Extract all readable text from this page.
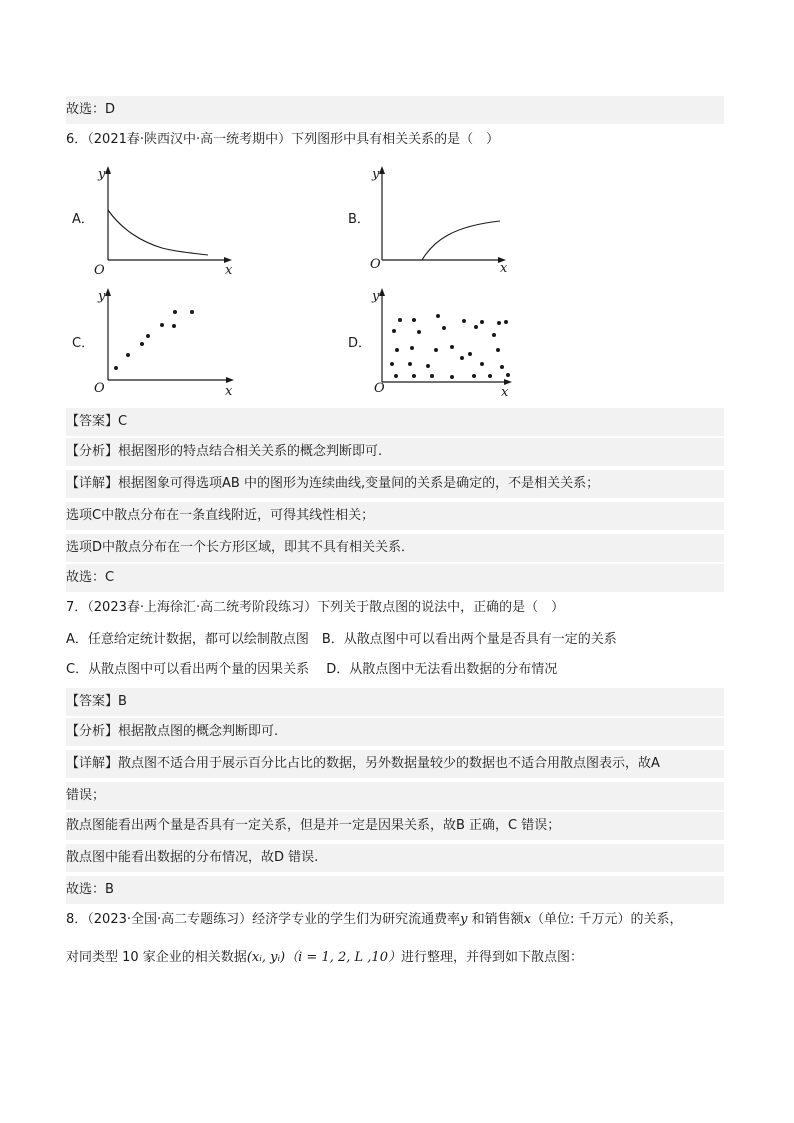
故选：D
6．（2021春·陕西汉中·高一统考期中）下列图形中具有相关关系的是（　）
A．
y
O	x
B．
y
O	x
C．
y
O	x
D．
y
O	x
【答案】C
【分析】根据图形的特点结合相关关系的概念判断即可.
【详解】根据图象可得选项AB 中的图形为连续曲线,变量间的关系是确定的，不是相关关系；
选项C中散点分布在一条直线附近，可得其线性相关；
选项D中散点分布在一个长方形区域，即其不具有相关关系．
故选：C
7．（2023春·上海徐汇·高二统考阶段练习）下列关于散点图的说法中，正确的是（　）
A．任意给定统计数据，都可以绘制散点图　B．从散点图中可以看出两个量是否具有一定的关系
C．从散点图中可以看出两个量的因果关系　 D．从散点图中无法看出数据的分布情况
【答案】B
【分析】根据散点图的概念判断即可.
【详解】散点图不适合用于展示百分比占比的数据，另外数据量较少的数据也不适合用散点图表示，故A
错误；
散点图能看出两个量是否具有一定关系，但是并一定是因果关系，故B 正确，C 错误；
散点图中能看出数据的分布情况，故D 错误.
故选：B
8．（2023·全国·高二专题练习）经济学专业的学生们为研究流通费率y 和销售额x（单位: 千万元）的关系，
对同类型 10 家企业的相关数据(xᵢ, yᵢ)（i = 1, 2, L ,10）进行整理，并得到如下散点图：
